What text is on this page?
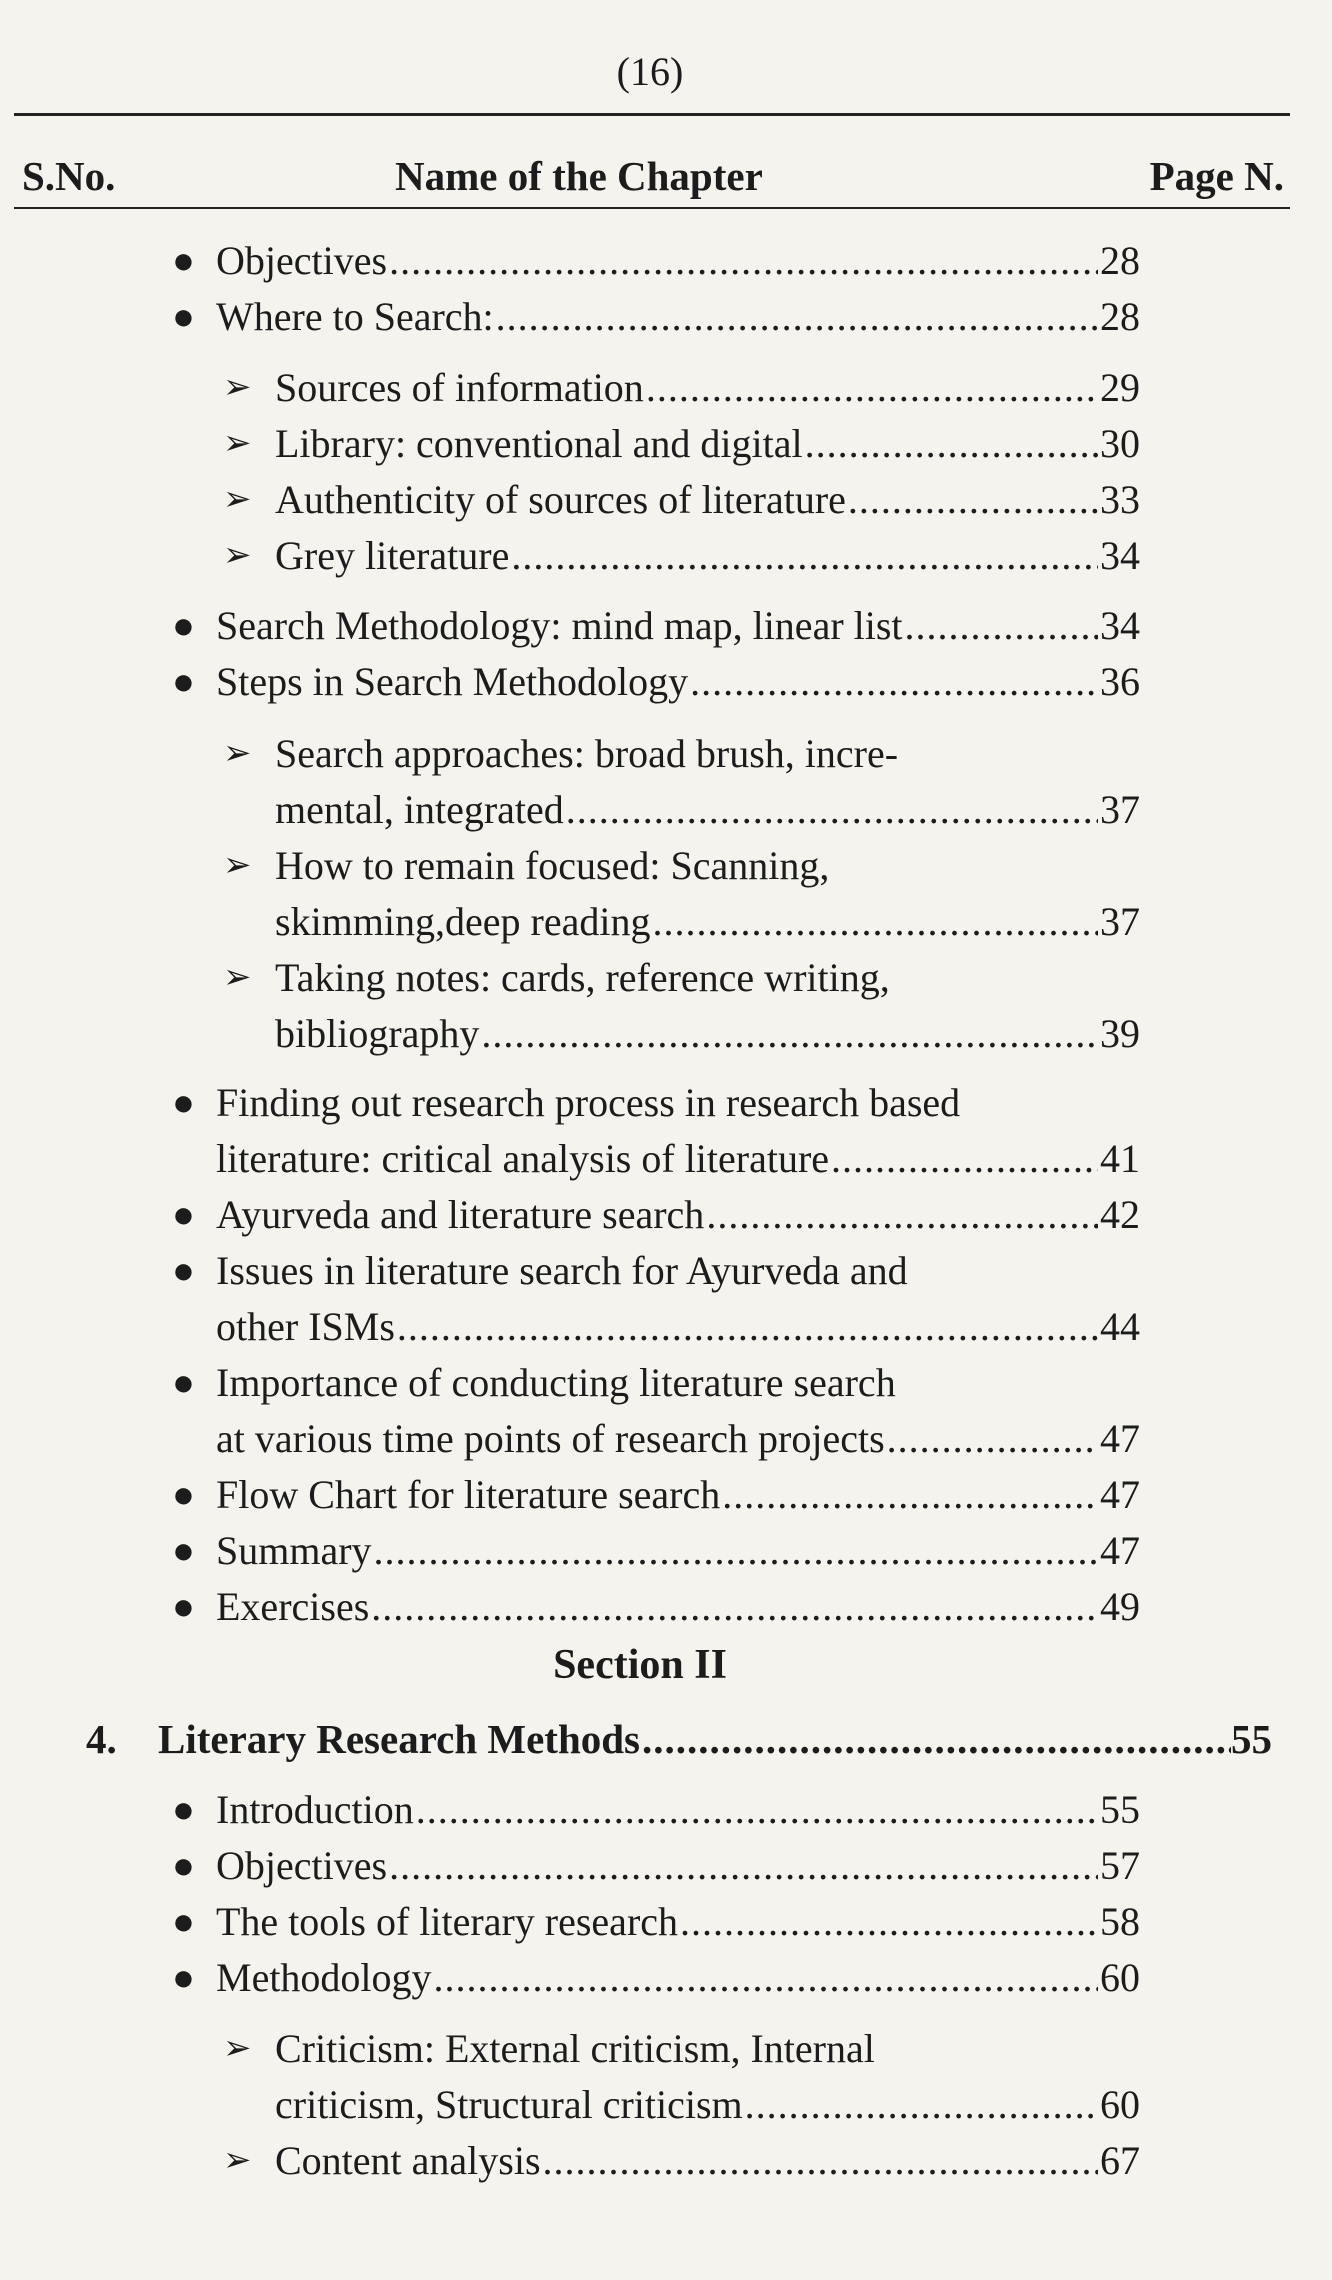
(16)
S.No.	Name of the Chapter	Page N.
● Objectives .....	28
● Where to Search: .....	28
➢ Sources of information .....	29
➢ Library: conventional and digital .....	30
➢ Authenticity of sources of literature .....	33
➢ Grey literature .....	34
● Search Methodology: mind map, linear list .....	34
● Steps in Search Methodology .....	36
➢ Search approaches: broad brush, incre-
mental, integrated .....	37
➢ How to remain focused: Scanning,
skimming,deep reading .....	37
➢ Taking notes: cards, reference writing,
bibliography .....	39
● Finding out research process in research based
literature: critical analysis of literature .....	41
● Ayurveda and literature search .....	42
● Issues in literature search for Ayurveda and
other ISMs .....	44
● Importance of conducting literature search
at various time points of research projects .....	47
● Flow Chart for literature search .....	47
● Summary .....	47
● Exercises .....	49
Section II
4.	Literary Research Methods .....	55
● Introduction .....	55
● Objectives .....	57
● The tools of literary research .....	58
● Methodology .....	60
➢ Criticism: External criticism, Internal
criticism, Structural criticism .....	60
➢ Content analysis .....	67
